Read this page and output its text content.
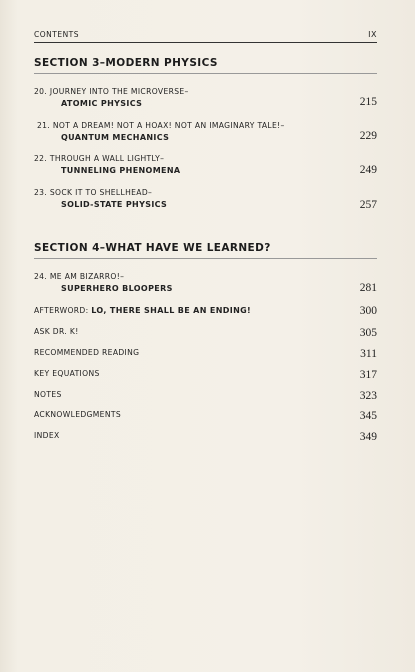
CONTENTS	IX
SECTION 3–MODERN PHYSICS
20. JOURNEY INTO THE MICROVERSE–
ATOMIC PHYSICS	215
21. NOT A DREAM! NOT A HOAX! NOT AN IMAGINARY TALE!–
QUANTUM MECHANICS	229
22. THROUGH A WALL LIGHTLY–
TUNNELING PHENOMENA	249
23. SOCK IT TO SHELLHEAD–
SOLID-STATE PHYSICS	257
SECTION 4–WHAT HAVE WE LEARNED?
24. ME AM BIZARRO!–
SUPERHERO BLOOPERS	281
AFTERWORD: LO, THERE SHALL BE AN ENDING!	300
ASK DR. K!	305
RECOMMENDED READING	311
KEY EQUATIONS	317
NOTES	323
ACKNOWLEDGMENTS	345
INDEX	349
